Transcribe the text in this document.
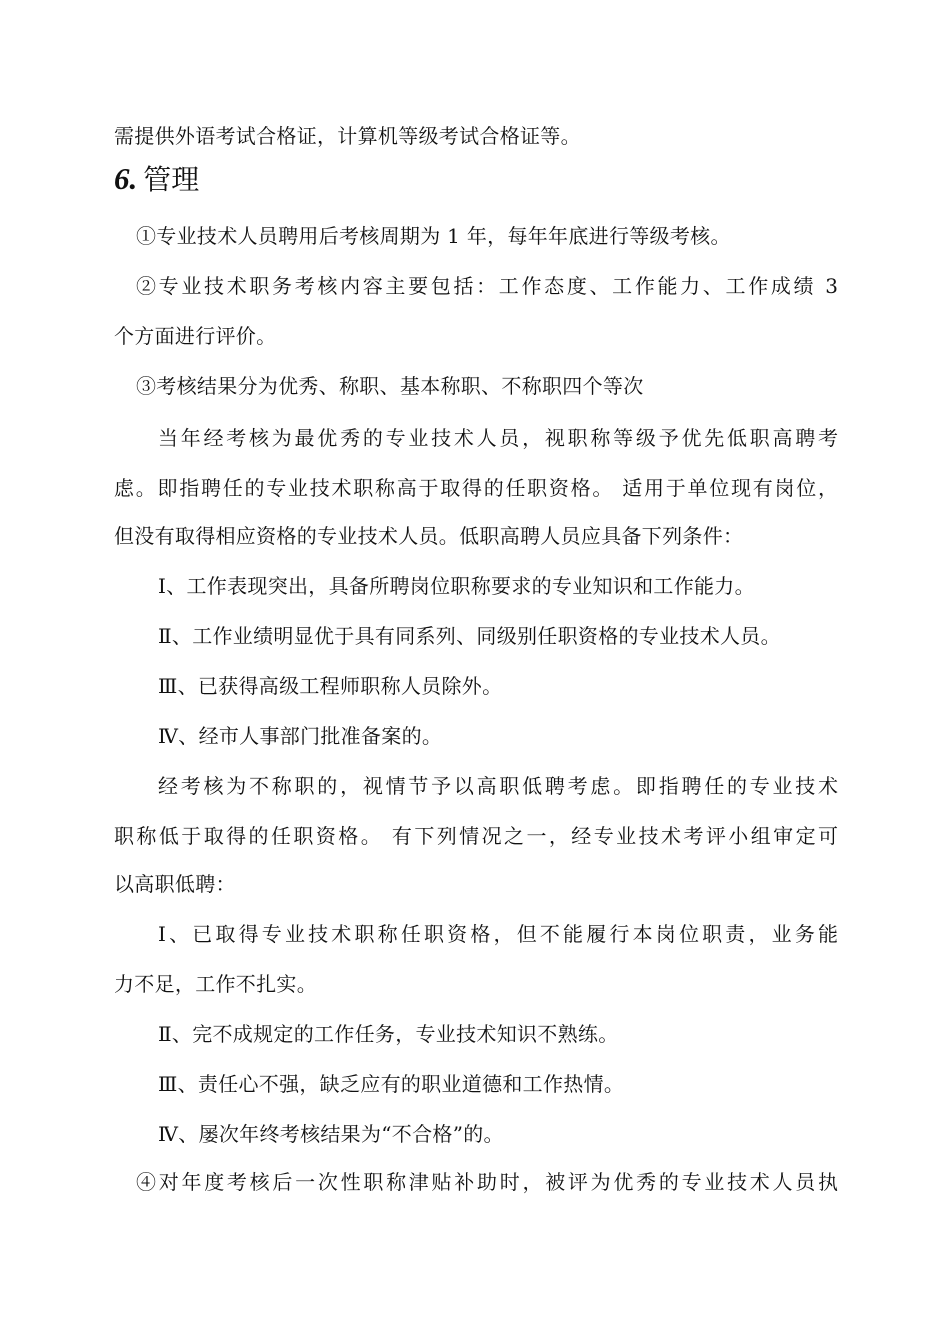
需提供外语考试合格证，计算机等级考试合格证等。
6. 管理
①专业技术人员聘用后考核周期为 1 年，每年年底进行等级考核。
②专业技术职务考核内容主要包括：工作态度、工作能力、工作成绩 3
个方面进行评价。
③考核结果分为优秀、称职、基本称职、不称职四个等次
当年经考核为最优秀的专业技术人员，视职称等级予优先低职高聘考
虑。即指聘任的专业技术职称高于取得的任职资格。 适用于单位现有岗位，
但没有取得相应资格的专业技术人员。低职高聘人员应具备下列条件：
Ⅰ、工作表现突出，具备所聘岗位职称要求的专业知识和工作能力。
Ⅱ、工作业绩明显优于具有同系列、同级别任职资格的专业技术人员。
Ⅲ、已获得高级工程师职称人员除外。
Ⅳ、经市人事部门批准备案的。
经考核为不称职的，视情节予以高职低聘考虑。即指聘任的专业技术
职称低于取得的任职资格。 有下列情况之一，经专业技术考评小组审定可
以高职低聘：
Ⅰ、已取得专业技术职称任职资格，但不能履行本岗位职责，业务能
力不足，工作不扎实。
Ⅱ、完不成规定的工作任务，专业技术知识不熟练。
Ⅲ、责任心不强，缺乏应有的职业道德和工作热情。
Ⅳ、屡次年终考核结果为“不合格”的。
④对年度考核后一次性职称津贴补助时，被评为优秀的专业技术人员执
